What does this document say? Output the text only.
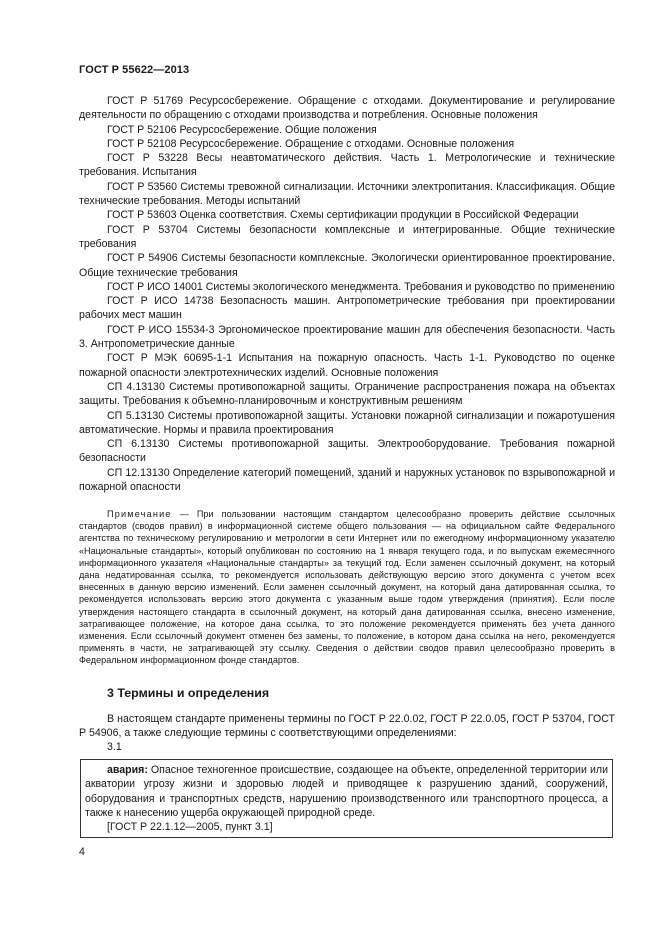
ГОСТ Р 55622—2013

ГОСТ Р 51769 Ресурсосбережение. Обращение с отходами. Документирование и регулирование деятельности по обращению с отходами производства и потребления. Основные положения

ГОСТ Р 52106 Ресурсосбережение. Общие положения

ГОСТ Р 52108 Ресурсосбережение. Обращение с отходами. Основные положения

ГОСТ Р 53228 Весы неавтоматического действия. Часть 1. Метрологические и технические требования. Испытания

ГОСТ Р 53560 Системы тревожной сигнализации. Источники электропитания. Классификация. Общие технические требования. Методы испытаний

ГОСТ Р 53603 Оценка соответствия. Схемы сертификации продукции в Российской Федерации

ГОСТ Р 53704 Системы безопасности комплексные и интегрированные. Общие технические требования

ГОСТ Р 54906 Системы безопасности комплексные. Экологически ориентированное проектирование. Общие технические требования

ГОСТ Р ИСО 14001 Системы экологического менеджмента. Требования и руководство по применению

ГОСТ Р ИСО 14738 Безопасность машин. Антропометрические требования при проектировании рабочих мест машин

ГОСТ Р ИСО 15534-3 Эргономическое проектирование машин для обеспечения безопасности. Часть 3. Антропометрические данные

ГОСТ Р МЭК 60695-1-1 Испытания на пожарную опасность. Часть 1-1. Руководство по оценке пожарной опасности электротехнических изделий. Основные положения

СП 4.13130 Системы противопожарной защиты. Ограничение распространения пожара на объектах защиты. Требования к объемно-планировочным и конструктивным решениям

СП 5.13130 Системы противопожарной защиты. Установки пожарной сигнализации и пожаротушения автоматические. Нормы и правила проектирования

СП 6.13130 Системы противопожарной защиты. Электрооборудование. Требования пожарной безопасности

СП 12.13130 Определение категорий помещений, зданий и наружных установок по взрывопожарной и пожарной опасности

Примечание — При пользовании настоящим стандартом целесообразно проверить действие ссылочных стандартов (сводов правил) в информационной системе общего пользования — на официальном сайте Федерального агентства по техническому регулированию и метрологии в сети Интернет или по ежегодному информационному указателю «Национальные стандарты», который опубликован по состоянию на 1 января текущего года, и по выпускам ежемесячного информационного указателя «Национальные стандарты» за текущий год. Если заменен ссылочный документ, на который дана недатированная ссылка, то рекомендуется использовать действующую версию этого документа с учетом всех внесенных в данную версию изменений. Если заменен ссылочный документ, на который дана датированная ссылка, то рекомендуется использовать версию этого документа с указанным выше годом утверждения (принятия). Если после утверждения настоящего стандарта в ссылочный документ, на который дана датированная ссылка, внесено изменение, затрагивающее положение, на которое дана ссылка, то это положение рекомендуется применять без учета данного изменения. Если ссылочный документ отменен без замены, то положение, в котором дана ссылка на него, рекомендуется применять в части, не затрагивающей эту ссылку. Сведения о действии сводов правил целесообразно проверить в Федеральном информационном фонде стандартов.

3 Термины и определения

В настоящем стандарте применены термины по ГОСТ Р 22.0.02, ГОСТ Р 22.0.05, ГОСТ Р 53704, ГОСТ Р 54906, а также следующие термины с соответствующими определениями:

3.1

авария: Опасное техногенное происшествие, создающее на объекте, определенной территории или акватории угрозу жизни и здоровью людей и приводящее к разрушению зданий, сооружений, оборудования и транспортных средств, нарушению производственного или транспортного процесса, а также к нанесению ущерба окружающей природной среде.

[ГОСТ Р 22.1.12—2005, пункт 3.1]

4
